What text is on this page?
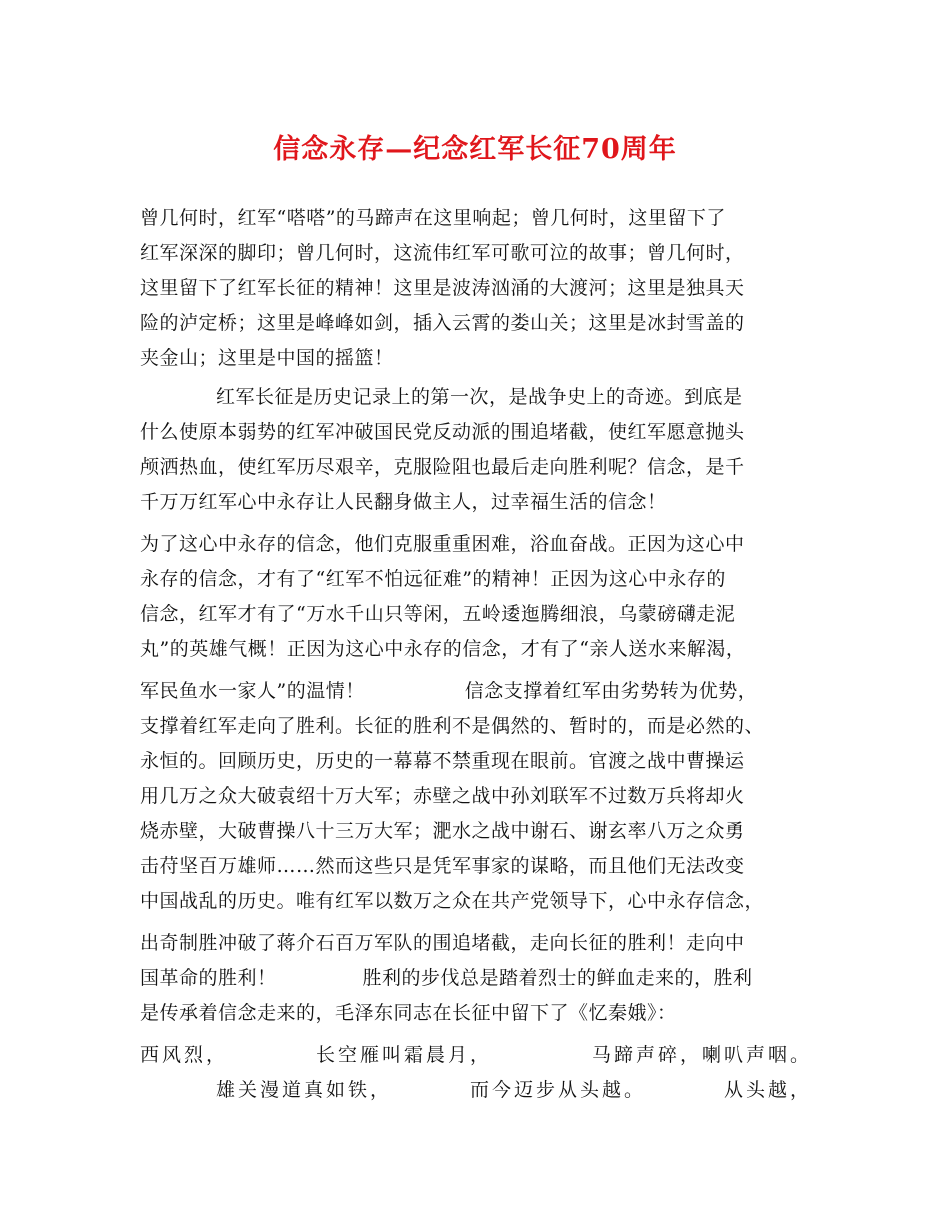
信念永存—纪念红军长征70周年
曾几何时，红军“嗒嗒”的马蹄声在这里响起；曾几何时，这里留下了
红军深深的脚印；曾几何时，这流伟红军可歌可泣的故事；曾几何时，
这里留下了红军长征的精神！这里是波涛汹涌的大渡河；这里是独具天
险的泸定桥；这里是峰峰如剑，插入云霄的娄山关；这里是冰封雪盖的
夹金山；这里是中国的摇篮！
红军长征是历史记录上的第一次，是战争史上的奇迹。到底是
什么使原本弱势的红军冲破国民党反动派的围追堵截，使红军愿意抛头
颅洒热血，使红军历尽艰辛，克服险阻也最后走向胜利呢？信念，是千
千万万红军心中永存让人民翻身做主人，过幸福生活的信念！
为了这心中永存的信念，他们克服重重困难，浴血奋战。正因为这心中
永存的信念，才有了“红军不怕远征难”的精神！正因为这心中永存的
信念，红军才有了“万水千山只等闲，五岭逶迤腾细浪，乌蒙磅礴走泥
丸”的英雄气概！正因为这心中永存的信念，才有了“亲人送水来解渴，
军民鱼水一家人”的温情！	信念支撑着红军由劣势转为优势，
支撑着红军走向了胜利。长征的胜利不是偶然的、暂时的，而是必然的、
永恒的。回顾历史，历史的一幕幕不禁重现在眼前。官渡之战中曹操运
用几万之众大破袁绍十万大军；赤壁之战中孙刘联军不过数万兵将却火
烧赤壁，大破曹操八十三万大军；淝水之战中谢石、谢玄率八万之众勇
击苻坚百万雄师……然而这些只是凭军事家的谋略，而且他们无法改变
中国战乱的历史。唯有红军以数万之众在共产党领导下，心中永存信念，
出奇制胜冲破了蒋介石百万军队的围追堵截，走向长征的胜利！走向中
国革命的胜利！	胜利的步伐总是踏着烈士的鲜血走来的，胜利
是传承着信念走来的，毛泽东同志在长征中留下了《忆秦娥》：
西风烈，	长空雁叫霜晨月，	马蹄声碎，喇叭声咽。
雄关漫道真如铁，	而今迈步从头越。	从头越，
